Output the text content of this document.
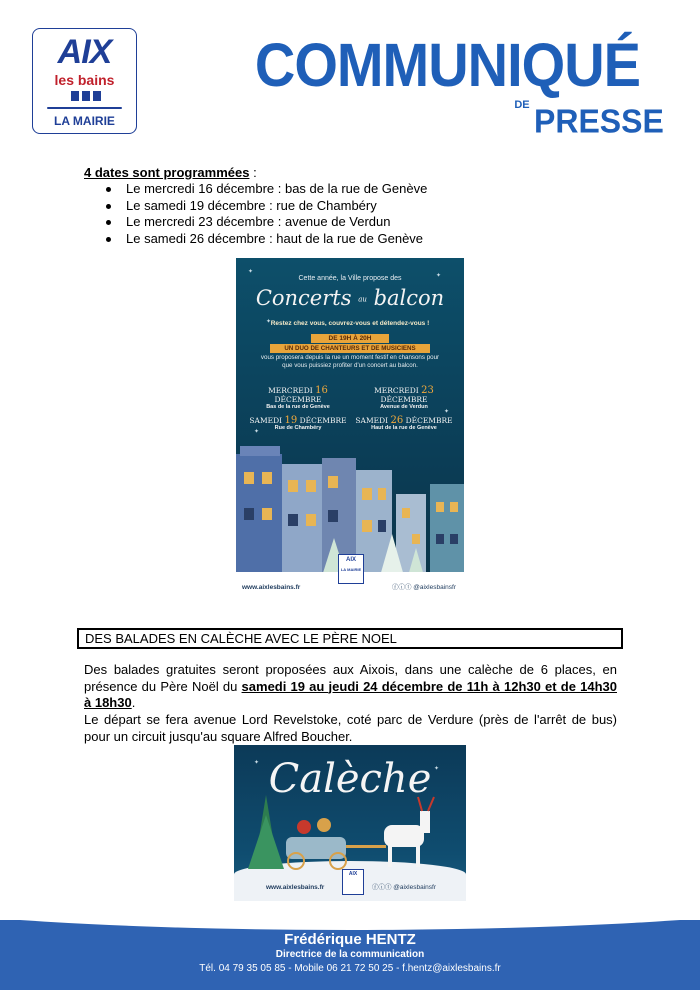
AIX
les bains
LA MAIRIE
COMMUNIQUÉ
DE PRESSE
4 dates sont programmées :
Le mercredi 16 décembre : bas de la rue de Genève
Le samedi 19 décembre : rue de Chambéry
Le mercredi 23 décembre : avenue de Verdun
Le samedi 26 décembre : haut de la rue de Genève
✦
✦
✦
✦
✦
Cette année, la Ville propose des
Concerts au balcon
Restez chez vous, couvrez-vous et détendez-vous !
DE 19H À 20H
UN DUO DE CHANTEURS ET DE MUSICIENS
vous proposera depuis la rue un moment festif en chansons pour que vous puissiez profiter d'un concert au balcon.
MERCREDI 16 DÉCEMBRE
Bas de la rue de Genève
MERCREDI 23 DÉCEMBRE
Avenue de Verdun
SAMEDI 19 DÉCEMBRE
Rue de Chambéry
SAMEDI 26 DÉCEMBRE
Haut de la rue de Genève
www.aixlesbains.fr	ⓕⓘⓣ @aixlesbainsfr
AIX
LA MAIRIE
DES BALADES EN CALÈCHE AVEC LE PÈRE NOEL
Des balades gratuites seront proposées aux Aixois, dans une calèche de 6 places, en présence du Père Noël du samedi 19 au jeudi 24 décembre de 11h à 12h30 et de 14h30 à 18h30.
Le départ se fera avenue Lord Revelstoke, coté parc de Verdure (près de l'arrêt de bus) pour un circuit jusqu'au square Alfred Boucher.
✦
✦
Calèche
www.aixlesbains.fr
AIX
ⓕⓘⓣ @aixlesbainsfr
Frédérique HENTZ
Directrice de la communication
Tél. 04 79 35 05 85 - Mobile 06 21 72 50 25 - f.hentz@aixlesbains.fr
